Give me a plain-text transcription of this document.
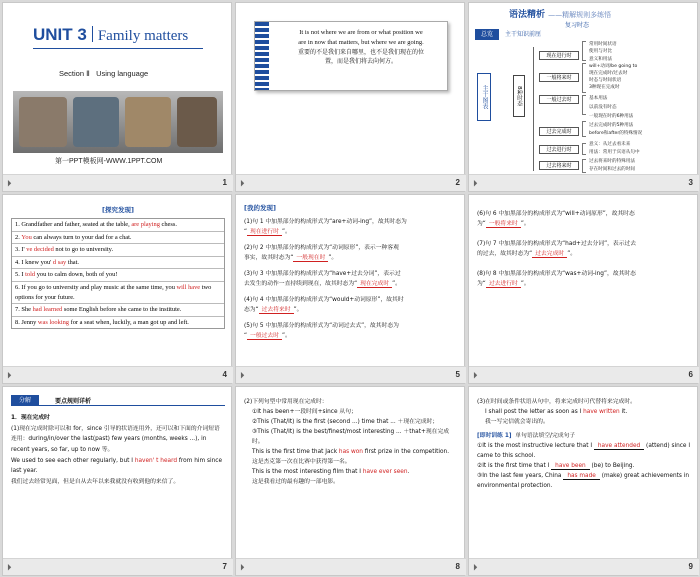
UNIT 3 Family matters
Section Ⅱ Using language
第一PPT模板网-WWW.1PPT.COM
⏵	1
It is not where we are from or what position we
are in now that matters, but where we are going.
重要的不是我们来自哪里，也不是我们现在的位
置，而是我们将去向何方。
⏵	2
语法精析 ——精解规则多练悟
复习时态
总览	主干知识前厘
主干图表	8种时态
现在进行时
一般将来时
一般过去时
过去完成时
过去进行时
过去将来时
常用时间状语
使用与对比
意义和用法
will+动词/be going to
现在完成时/过去时
时态与时间状语
3种现在完成时
基本用法
以前没有时态
一般现在时的6种用法
过去完成时的5种用法
before和after的特殊情况
意义：从过去看未来
用法：常用于宾语从句中
过去将来时的特殊用法
存在时间和过去的时间
⏵	3
[探究发现]
1. Grandfather and father, seated at the table, are playing chess.
2. You can always turn to your dad for a chat.
3. I' ve decided not to go to university.
4. I knew you' d say that.
5. I told you to calm down, both of you!
6. If you go to university and play music at the same time, you will have two options for your future.
7. She had learned some English before she came to the institute.
8. Jenny was looking for a seat when, luckily, a man got up and left.
⏵	4
[我的发现]
(1)句 1 中加黑部分的构成形式为“are+动词-ing”，故其时态为
“ 现在进行时 ”。
(2)句 2 中加黑部分的构成形式为“动词原形”，表示一种客观
事实，故其时态为“ 一般现在时 ”。
(3)句 3 中加黑部分的构成形式为“have+过去分词”，表示过
去发生的动作一直持续到现在，故其时态为“ 现在完成时 ”。
(4)句 4 中加黑部分的构成形式为“would+动词原形”，故其时
态为“ 过去将来时 ”。
(5)句 5 中加黑部分的构成形式为“动词过去式”，故其时态为
“ 一般过去时 ”。
⏵	5
(6)句 6 中加黑部分的构成形式为“will+动词原形”，故其时态
为“ 一般将来时 ”。
(7)句 7 中加黑部分的构成形式为“had+过去分词”，表示过去
的过去，故其时态为“ 过去完成时 ”。
(8)句 8 中加黑部分的构成形式为“was+动词-ing”，故其时态
为“ 过去进行时 ”。
⏵	6
分解	要点规则详析

1．现在完成时

(1)现在完成时除可以和 for，since 引导的状语连用外，还可以和下面的介词短语连用：during/in/over the last(past) few years (months, weeks ...), in recent years, so far, up to now 等。

We used to see each other regularly, but I haven' t heard from him since last year.

我们过去经常见面，但是自从去年以来我就没有收到他的来信了。

⏵	7
(2)下列句型中常用现在完成时：
①It has been+一段时间+since 从句；
②This (That/It) is the first (second ...) time that ... ＋现在完成时；
③This (That/It) is the best/finest/most interesting ... ＋that+现在完成时。
This is the first time that Jack has won first prize in the competition.
这是杰克第一次在比赛中获得第一名。
This is the most interesting film that I have ever seen.
这是我看过的最有趣的一部电影。
⏵	8
(3)在时间或条件状语从句中，将来完成时可代替将来完成时。
I shall post the letter as soon as I have written it.
我一写完信就会寄出的。
[即时训练 1] 单句语法填空/完成句子
①It is the most instructive lecture that I have attended (attend) since I came to this school.
②It is the first time that I have been (be) to Beijing.
③In the last few years, China has made (make) great achievements in environmental protection.
⏵	9
